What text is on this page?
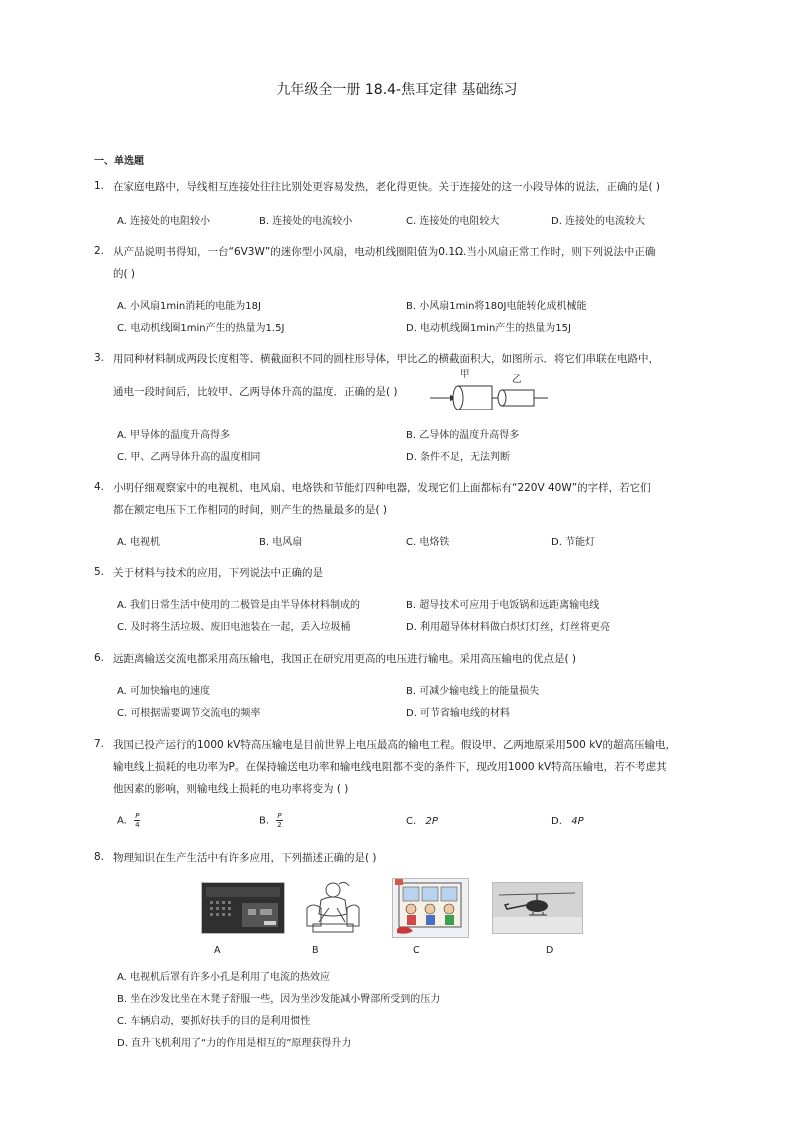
九年级全一册 18.4-焦耳定律 基础练习
一、单选题
1. 在家庭电路中，导线相互连接处往往比别处更容易发热，老化得更快。关于连接处的这一小段导体的说法，正确的是( )
A. 连接处的电阻较小	B. 连接处的电流较小	C. 连接处的电阻较大	D. 连接处的电流较大
2. 从产品说明书得知，一台“6V3W”的迷你型小风扇，电动机线圈阻值为0.1Ω.当小风扇正常工作时，则下列说法中正确
的( )
A. 小风扇1min消耗的电能为18J	B. 小风扇1min将180J电能转化成机械能
C. 电动机线圈1min产生的热量为1.5J	D. 电动机线圈1min产生的热量为15J
3. 用同种材料制成两段长度相等、横截面积不同的圆柱形导体，甲比乙的横截面积大，如图所示．将它们串联在电路中，
通电一段时间后，比较甲、乙两导体升高的温度．正确的是( )
甲	乙
A. 甲导体的温度升高得多	B. 乙导体的温度升高得多
C. 甲、乙两导体升高的温度相同	D. 条件不足，无法判断
4. 小明仔细观察家中的电视机、电风扇、电烙铁和节能灯四种电器，发现它们上面都标有“220V 40W”的字样，若它们
都在额定电压下工作相同的时间，则产生的热量最多的是( )
A. 电视机	B. 电风扇	C. 电烙铁	D. 节能灯
5. 关于材料与技术的应用，下列说法中正确的是
A. 我们日常生活中使用的二极管是由半导体材料制成的	B. 超导技术可应用于电饭锅和远距离输电线
C. 及时将生活垃圾、废旧电池装在一起，丢入垃圾桶	D. 利用超导体材料做白炽灯灯丝，灯丝将更亮
6. 远距离输送交流电都采用高压输电，我国正在研究用更高的电压进行输电。采用高压输电的优点是( )
A. 可加快输电的速度	B. 可减少输电线上的能量损失
C. 可根据需要调节交流电的频率	D. 可节省输电线的材料
7. 我国已投产运行的1000 kV特高压输电是目前世界上电压最高的输电工程。假设甲、乙两地原采用500 kV的超高压输电，
输电线上损耗的电功率为P。在保持输送电功率和输电线电阻都不变的条件下，现改用1000 kV特高压输电，若不考虑其
他因素的影响，则输电线上损耗的电功率将变为 ( )
A. $\frac{P}{4}$	B. $\frac{P}{2}$	C. 2P	D. 4P
8. 物理知识在生产生活中有许多应用，下列描述正确的是( )
A	B	C	D
A. 电视机后罩有许多小孔是利用了电流的热效应
B. 坐在沙发比坐在木凳子舒服一些，因为坐沙发能减小臀部所受到的压力
C. 车辆启动，要抓好扶手的目的是利用惯性
D. 直升飞机利用了“力的作用是相互的”原理获得升力
